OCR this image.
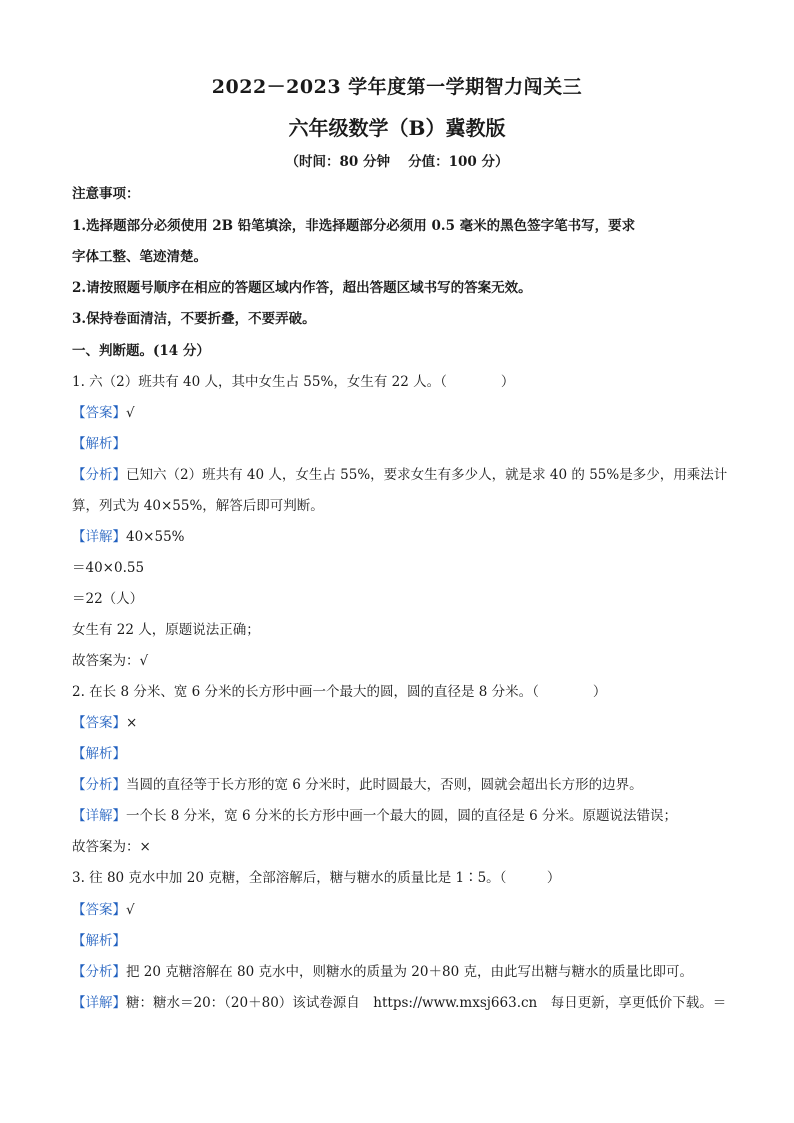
2022－2023 学年度第一学期智力闯关三
六年级数学（B）冀教版
（时间：80 分钟　 分值：100 分）
注意事项：
1.选择题部分必须使用 2B 铅笔填涂，非选择题部分必须用 0.5 毫米的黑色签字笔书写，要求
字体工整、笔迹清楚。
2.请按照题号顺序在相应的答题区域内作答，超出答题区域书写的答案无效。
3.保持卷面清洁，不要折叠，不要弄破。
一、判断题。(14 分）
1. 六（2）班共有 40 人，其中女生占 55%，女生有 22 人。（　　　　）
【答案】√
【解析】
【分析】已知六（2）班共有 40 人，女生占 55%，要求女生有多少人，就是求 40 的 55%是多少，用乘法计
算，列式为 40×55%，解答后即可判断。
【详解】40×55%
＝40×0.55
＝22（人）
女生有 22 人，原题说法正确；
故答案为：√
2. 在长 8 分米、宽 6 分米的长方形中画一个最大的圆，圆的直径是 8 分米。（　　　　）
【答案】×
【解析】
【分析】当圆的直径等于长方形的宽 6 分米时，此时圆最大，否则，圆就会超出长方形的边界。
【详解】一个长 8 分米，宽 6 分米的长方形中画一个最大的圆，圆的直径是 6 分米。原题说法错误；
故答案为：×
3. 往 80 克水中加 20 克糖，全部溶解后，糖与糖水的质量比是 1∶5。（　　　）
【答案】√
【解析】
【分析】把 20 克糖溶解在 80 克水中，则糖水的质量为 20＋80 克，由此写出糖与糖水的质量比即可。
【详解】糖：糖水＝20：（20＋80）该试卷源自　https://www.mxsj663.cn　每日更新，享更低价下载。＝
